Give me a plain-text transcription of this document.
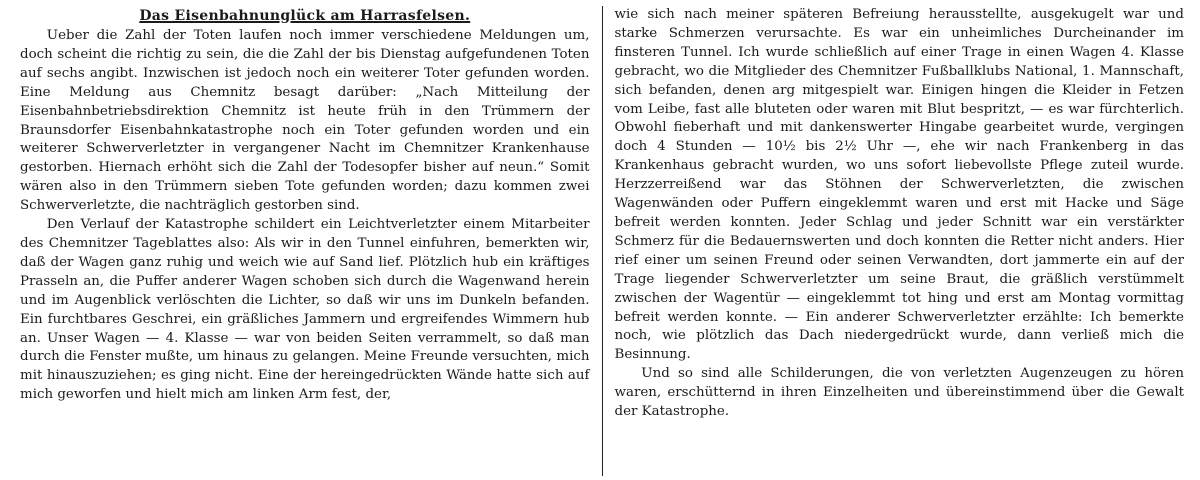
Das Eisenbahnunglück am Harrasfelsen.

Ueber die Zahl der Toten laufen noch immer verschiedene Meldungen um, doch scheint die richtig zu sein, die die Zahl der bis Dienstag aufgefundenen Toten auf sechs angibt. Inzwischen ist jedoch noch ein weiterer Toter gefunden worden. Eine Meldung aus Chemnitz besagt darüber: „Nach Mitteilung der Eisenbahnbetriebsdirektion Chemnitz ist heute früh in den Trümmern der Braunsdorfer Eisenbahnkatastrophe noch ein Toter gefunden worden und ein weiterer Schwerverletzter in vergangener Nacht im Chemnitzer Krankenhause gestorben. Hiernach erhöht sich die Zahl der Todesopfer bisher auf neun.“ Somit wären also in den Trümmern sieben Tote gefunden worden; dazu kommen zwei Schwerverletzte, die nachträglich gestorben sind.

Den Verlauf der Katastrophe schildert ein Leichtverletzter einem Mitarbeiter des Chemnitzer Tageblattes also: Als wir in den Tunnel einfuhren, bemerkten wir, daß der Wagen ganz ruhig und weich wie auf Sand lief. Plötzlich hub ein kräftiges Prasseln an, die Puffer anderer Wagen schoben sich durch die Wagenwand herein und im Augenblick verlöschten die Lichter, so daß wir uns im Dunkeln befanden. Ein furchtbares Geschrei, ein gräßliches Jammern und ergreifendes Wimmern hub an. Unser Wagen — 4. Klasse — war von beiden Seiten verrammelt, so daß man durch die Fenster mußte, um hinaus zu gelangen. Meine Freunde versuchten, mich mit hinauszuziehen; es ging nicht. Eine der hereingedrückten Wände hatte sich auf mich geworfen und hielt mich am linken Arm fest, der,

wie sich nach meiner späteren Befreiung herausstellte, ausgekugelt war und starke Schmerzen verursachte. Es war ein unheimliches Durcheinander im finsteren Tunnel. Ich wurde schließlich auf einer Trage in einen Wagen 4. Klasse gebracht, wo die Mitglieder des Chemnitzer Fußballklubs National, 1. Mannschaft, sich befanden, denen arg mitgespielt war. Einigen hingen die Kleider in Fetzen vom Leibe, fast alle bluteten oder waren mit Blut bespritzt, — es war fürchterlich. Obwohl fieberhaft und mit dankenswerter Hingabe gearbeitet wurde, vergingen doch 4 Stunden — 10½ bis 2½ Uhr —, ehe wir nach Frankenberg in das Krankenhaus gebracht wurden, wo uns sofort liebevollste Pflege zuteil wurde. Herzzerreißend war das Stöhnen der Schwerverletzten, die zwischen Wagenwänden oder Puffern eingeklemmt waren und erst mit Hacke und Säge befreit werden konnten. Jeder Schlag und jeder Schnitt war ein verstärkter Schmerz für die Bedauernswerten und doch konnten die Retter nicht anders. Hier rief einer um seinen Freund oder seinen Verwandten, dort jammerte ein auf der Trage liegender Schwerverletzter um seine Braut, die gräßlich verstümmelt zwischen der Wagentür — eingeklemmt tot hing und erst am Montag vormittag befreit werden konnte. — Ein anderer Schwerverletzter erzählte: Ich bemerkte noch, wie plötzlich das Dach niedergedrückt wurde, dann verließ mich die Besinnung.

Und so sind alle Schilderungen, die von verletzten Augenzeugen zu hören waren, erschütternd in ihren Einzelheiten und übereinstimmend über die Gewalt der Katastrophe.
